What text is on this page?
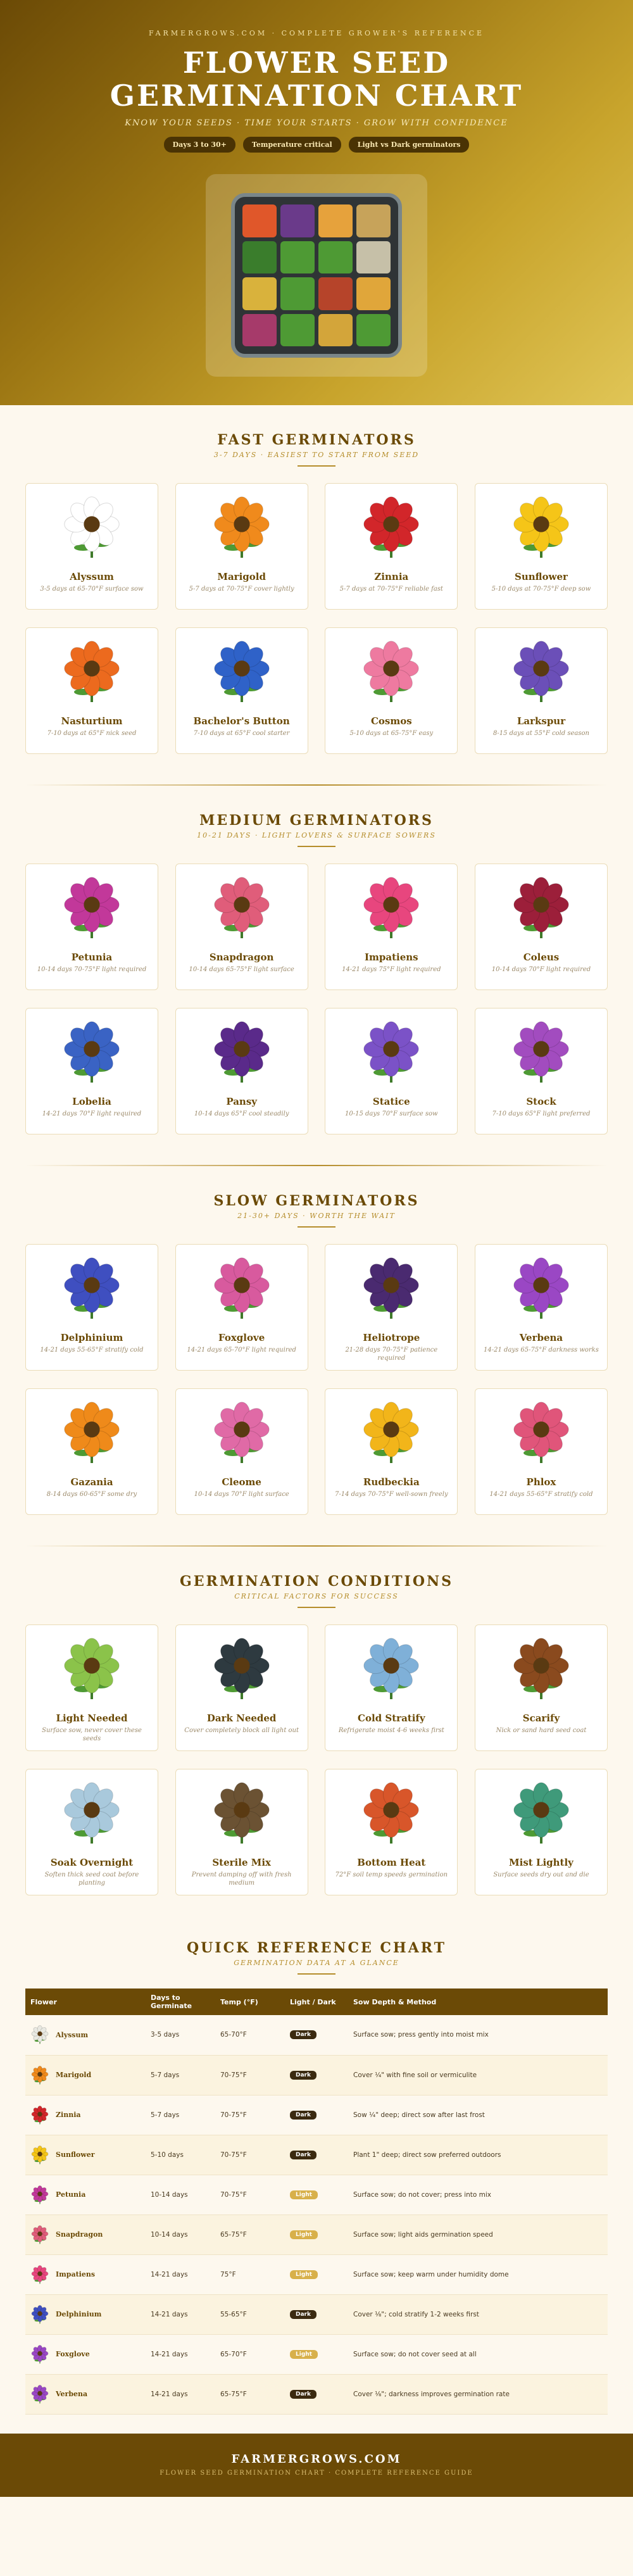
FARMERGROWS.COM · COMPLETE GROWER'S REFERENCE
FLOWER SEED
GERMINATION CHART
KNOW YOUR SEEDS · TIME YOUR STARTS · GROW WITH CONFIDENCE
Days 3 to 30+	Temperature critical	Light vs Dark germinators
FAST GERMINATORS
3-7 DAYS · EASIEST TO START FROM SEED
Alyssum
3-5 days at 65-70°F surface sow
Marigold
5-7 days at 70-75°F cover lightly
Zinnia
5-7 days at 70-75°F reliable fast
Sunflower
5-10 days at 70-75°F deep sow
Nasturtium
7-10 days at 65°F nick seed
Bachelor's Button
7-10 days at 65°F cool starter
Cosmos
5-10 days at 65-75°F easy
Larkspur
8-15 days at 55°F cold season
MEDIUM GERMINATORS
10-21 DAYS · LIGHT LOVERS & SURFACE SOWERS
Petunia
10-14 days 70-75°F light required
Snapdragon
10-14 days 65-75°F light surface
Impatiens
14-21 days 75°F light required
Coleus
10-14 days 70°F light required
Lobelia
14-21 days 70°F light required
Pansy
10-14 days 65°F cool steadily
Statice
10-15 days 70°F surface sow
Stock
7-10 days 65°F light preferred
SLOW GERMINATORS
21-30+ DAYS · WORTH THE WAIT
Delphinium
14-21 days 55-65°F stratify cold
Foxglove
14-21 days 65-70°F light required
Heliotrope
21-28 days 70-75°F patience required
Verbena
14-21 days 65-75°F darkness works
Gazania
8-14 days 60-65°F some dry
Cleome
10-14 days 70°F light surface
Rudbeckia
7-14 days 70-75°F well-sown freely
Phlox
14-21 days 55-65°F stratify cold
GERMINATION CONDITIONS
CRITICAL FACTORS FOR SUCCESS
Light Needed
Surface sow, never cover these seeds
Dark Needed
Cover completely block all light out
Cold Stratify
Refrigerate moist 4-6 weeks first
Scarify
Nick or sand hard seed coat
Soak Overnight
Soften thick seed coat before planting
Sterile Mix
Prevent damping off with fresh medium
Bottom Heat
72°F soil temp speeds germination
Mist Lightly
Surface seeds dry out and die
QUICK REFERENCE CHART
GERMINATION DATA AT A GLANCE
Flower	Days to Germinate	Temp (°F)	Light / Dark	Sow Depth & Method

Alyssum	3-5 days	65-70°F	Dark	Surface sow; press gently into moist mix

Marigold	5-7 days	70-75°F	Dark	Cover ¼" with fine soil or vermiculite

Zinnia	5-7 days	70-75°F	Dark	Sow ¼" deep; direct sow after last frost

Sunflower	5-10 days	70-75°F	Dark	Plant 1" deep; direct sow preferred outdoors

Petunia	10-14 days	70-75°F	Light	Surface sow; do not cover; press into mix

Snapdragon	10-14 days	65-75°F	Light	Surface sow; light aids germination speed

Impatiens	14-21 days	75°F	Light	Surface sow; keep warm under humidity dome

Delphinium	14-21 days	55-65°F	Dark	Cover ⅛"; cold stratify 1-2 weeks first

Foxglove	14-21 days	65-70°F	Light	Surface sow; do not cover seed at all

Verbena	14-21 days	65-75°F	Dark	Cover ⅛"; darkness improves germination rate
FARMERGROWS.COM
FLOWER SEED GERMINATION CHART · COMPLETE REFERENCE GUIDE
